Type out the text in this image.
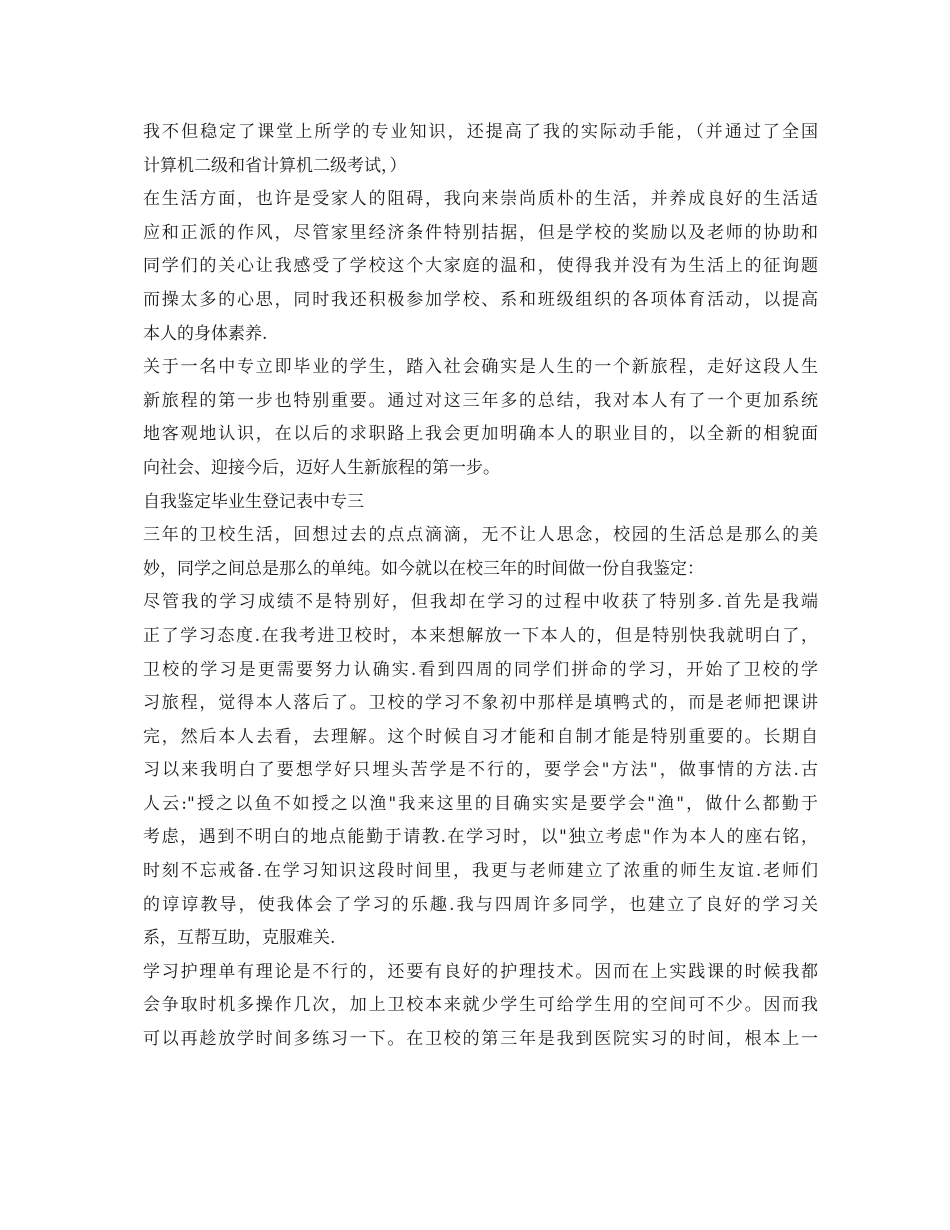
我不但稳定了课堂上所学的专业知识，还提高了我的实际动手能，（并通过了全国
计算机二级和省计算机二级考试，）
在生活方面，也许是受家人的阻碍，我向来崇尚质朴的生活，并养成良好的生活适
应和正派的作风，尽管家里经济条件特别拮据，但是学校的奖励以及老师的协助和
同学们的关心让我感受了学校这个大家庭的温和，使得我并没有为生活上的征询题
而操太多的心思，同时我还积极参加学校、系和班级组织的各项体育活动，以提高
本人的身体素养.
关于一名中专立即毕业的学生，踏入社会确实是人生的一个新旅程，走好这段人生
新旅程的第一步也特别重要。通过对这三年多的总结，我对本人有了一个更加系统
地客观地认识，在以后的求职路上我会更加明确本人的职业目的，以全新的相貌面
向社会、迎接今后，迈好人生新旅程的第一步。
自我鉴定毕业生登记表中专三
三年的卫校生活，回想过去的点点滴滴，无不让人思念，校园的生活总是那么的美
妙，同学之间总是那么的单纯。如今就以在校三年的时间做一份自我鉴定：
尽管我的学习成绩不是特别好，但我却在学习的过程中收获了特别多.首先是我端
正了学习态度.在我考进卫校时，本来想解放一下本人的，但是特别快我就明白了，
卫校的学习是更需要努力认确实.看到四周的同学们拼命的学习，开始了卫校的学
习旅程，觉得本人落后了。卫校的学习不象初中那样是填鸭式的，而是老师把课讲
完，然后本人去看，去理解。这个时候自习才能和自制才能是特别重要的。长期自
习以来我明白了要想学好只埋头苦学是不行的，要学会"方法"，做事情的方法.古
人云:"授之以鱼不如授之以渔"我来这里的目确实实是要学会"渔"，做什么都勤于
考虑，遇到不明白的地点能勤于请教.在学习时，以"独立考虑"作为本人的座右铭，
时刻不忘戒备.在学习知识这段时间里，我更与老师建立了浓重的师生友谊.老师们
的谆谆教导，使我体会了学习的乐趣.我与四周许多同学，也建立了良好的学习关
系，互帮互助，克服难关.
学习护理单有理论是不行的，还要有良好的护理技术。因而在上实践课的时候我都
会争取时机多操作几次，加上卫校本来就少学生可给学生用的空间可不少。因而我
可以再趁放学时间多练习一下。在卫校的第三年是我到医院实习的时间，根本上一
